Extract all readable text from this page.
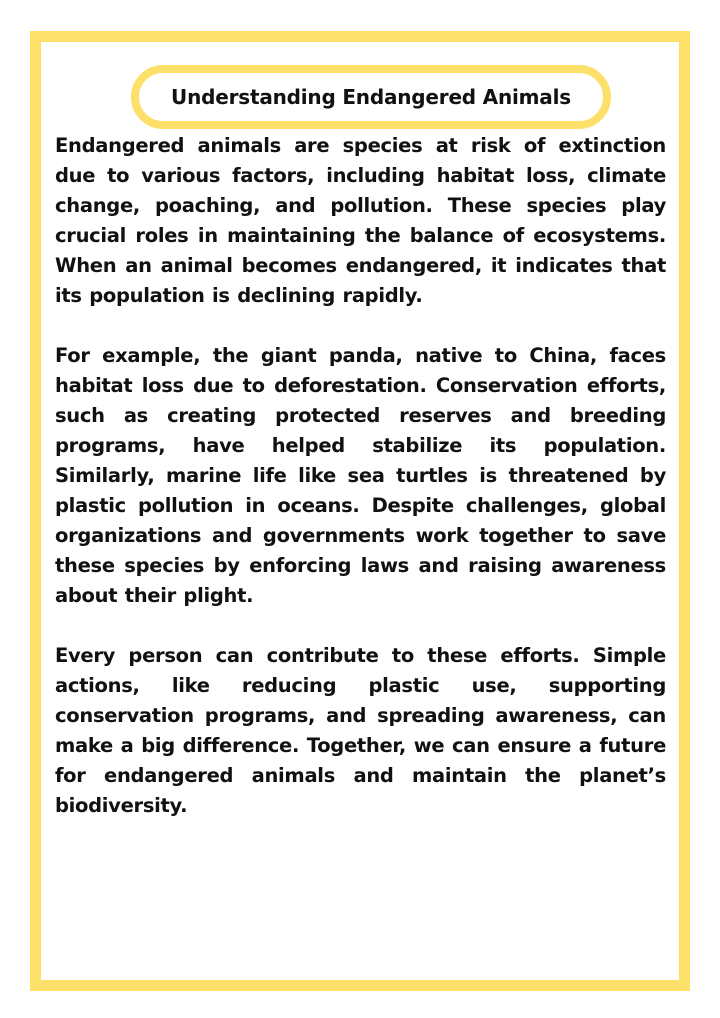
Understanding Endangered Animals

Endangered animals are species at risk of extinction due to various factors, including habitat loss, climate change, poaching, and pollution. These species play crucial roles in maintaining the balance of ecosystems. When an animal becomes endangered, it indicates that its population is declining rapidly.

For example, the giant panda, native to China, faces habitat loss due to deforestation. Conservation efforts, such as creating protected reserves and breeding programs, have helped stabilize its population. Similarly, marine life like sea turtles is threatened by plastic pollution in oceans. Despite challenges, global organizations and governments work together to save these species by enforcing laws and raising awareness about their plight.

Every person can contribute to these efforts. Simple actions, like reducing plastic use, supporting conservation programs, and spreading awareness, can make a big difference. Together, we can ensure a future for endangered animals and maintain the planet’s biodiversity.
